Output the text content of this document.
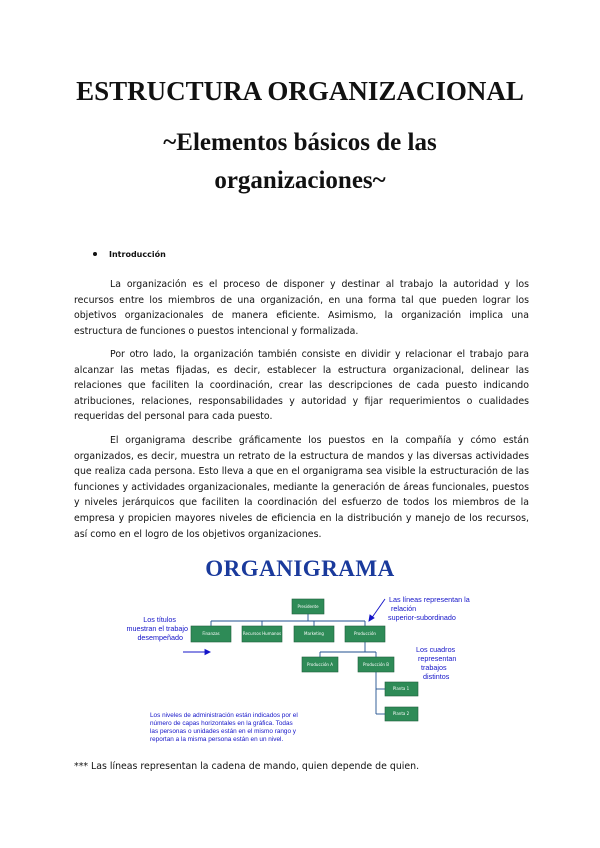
ESTRUCTURA ORGANIZACIONAL
~Elementos básicos de las organizaciones~
Introducción

La organización es el proceso de disponer y destinar al trabajo la autoridad y los recursos entre los miembros de una organización, en una forma tal que pueden lograr los objetivos organizacionales de manera eficiente. Asimismo, la organización implica una estructura de funciones o puestos intencional y formalizada.

Por otro lado, la organización también consiste en dividir y relacionar el trabajo para alcanzar las metas fijadas, es decir, establecer la estructura organizacional, delinear las relaciones que faciliten la coordinación, crear las descripciones de cada puesto indicando atribuciones, relaciones, responsabilidades y autoridad y fijar requerimientos o cualidades requeridas del personal para cada puesto.

El organigrama describe gráficamente los puestos en la compañía y cómo están organizados, es decir, muestra un retrato de la estructura de mandos y las diversas actividades que realiza cada persona. Esto lleva a que en el organigrama sea visible la estructuración de las funciones y actividades organizacionales, mediante la generación de áreas funcionales, puestos y niveles jerárquicos que faciliten la coordinación del esfuerzo de todos los miembros de la empresa y propicien mayores niveles de eficiencia en la distribución y manejo de los recursos, así como en el logro de los objetivos organizaciones.

ORGANIGRAMA
Presidente
Finanzas	Recursos Humanos	Marketing	Producción
Producción A	Producción B
Planta 1
Planta 2
Los títulos muestran el trabajo desempeñado
Las líneas representan la relación superior-subordinado
Los cuadros representan trabajos distintos
Los niveles de administración están indicados por el número de capas horizontales en la gráfica. Todas las personas o unidades están en el mismo rango y reportan a la misma persona están en un nivel.
*** Las líneas representan la cadena de mando, quien depende de quien.
